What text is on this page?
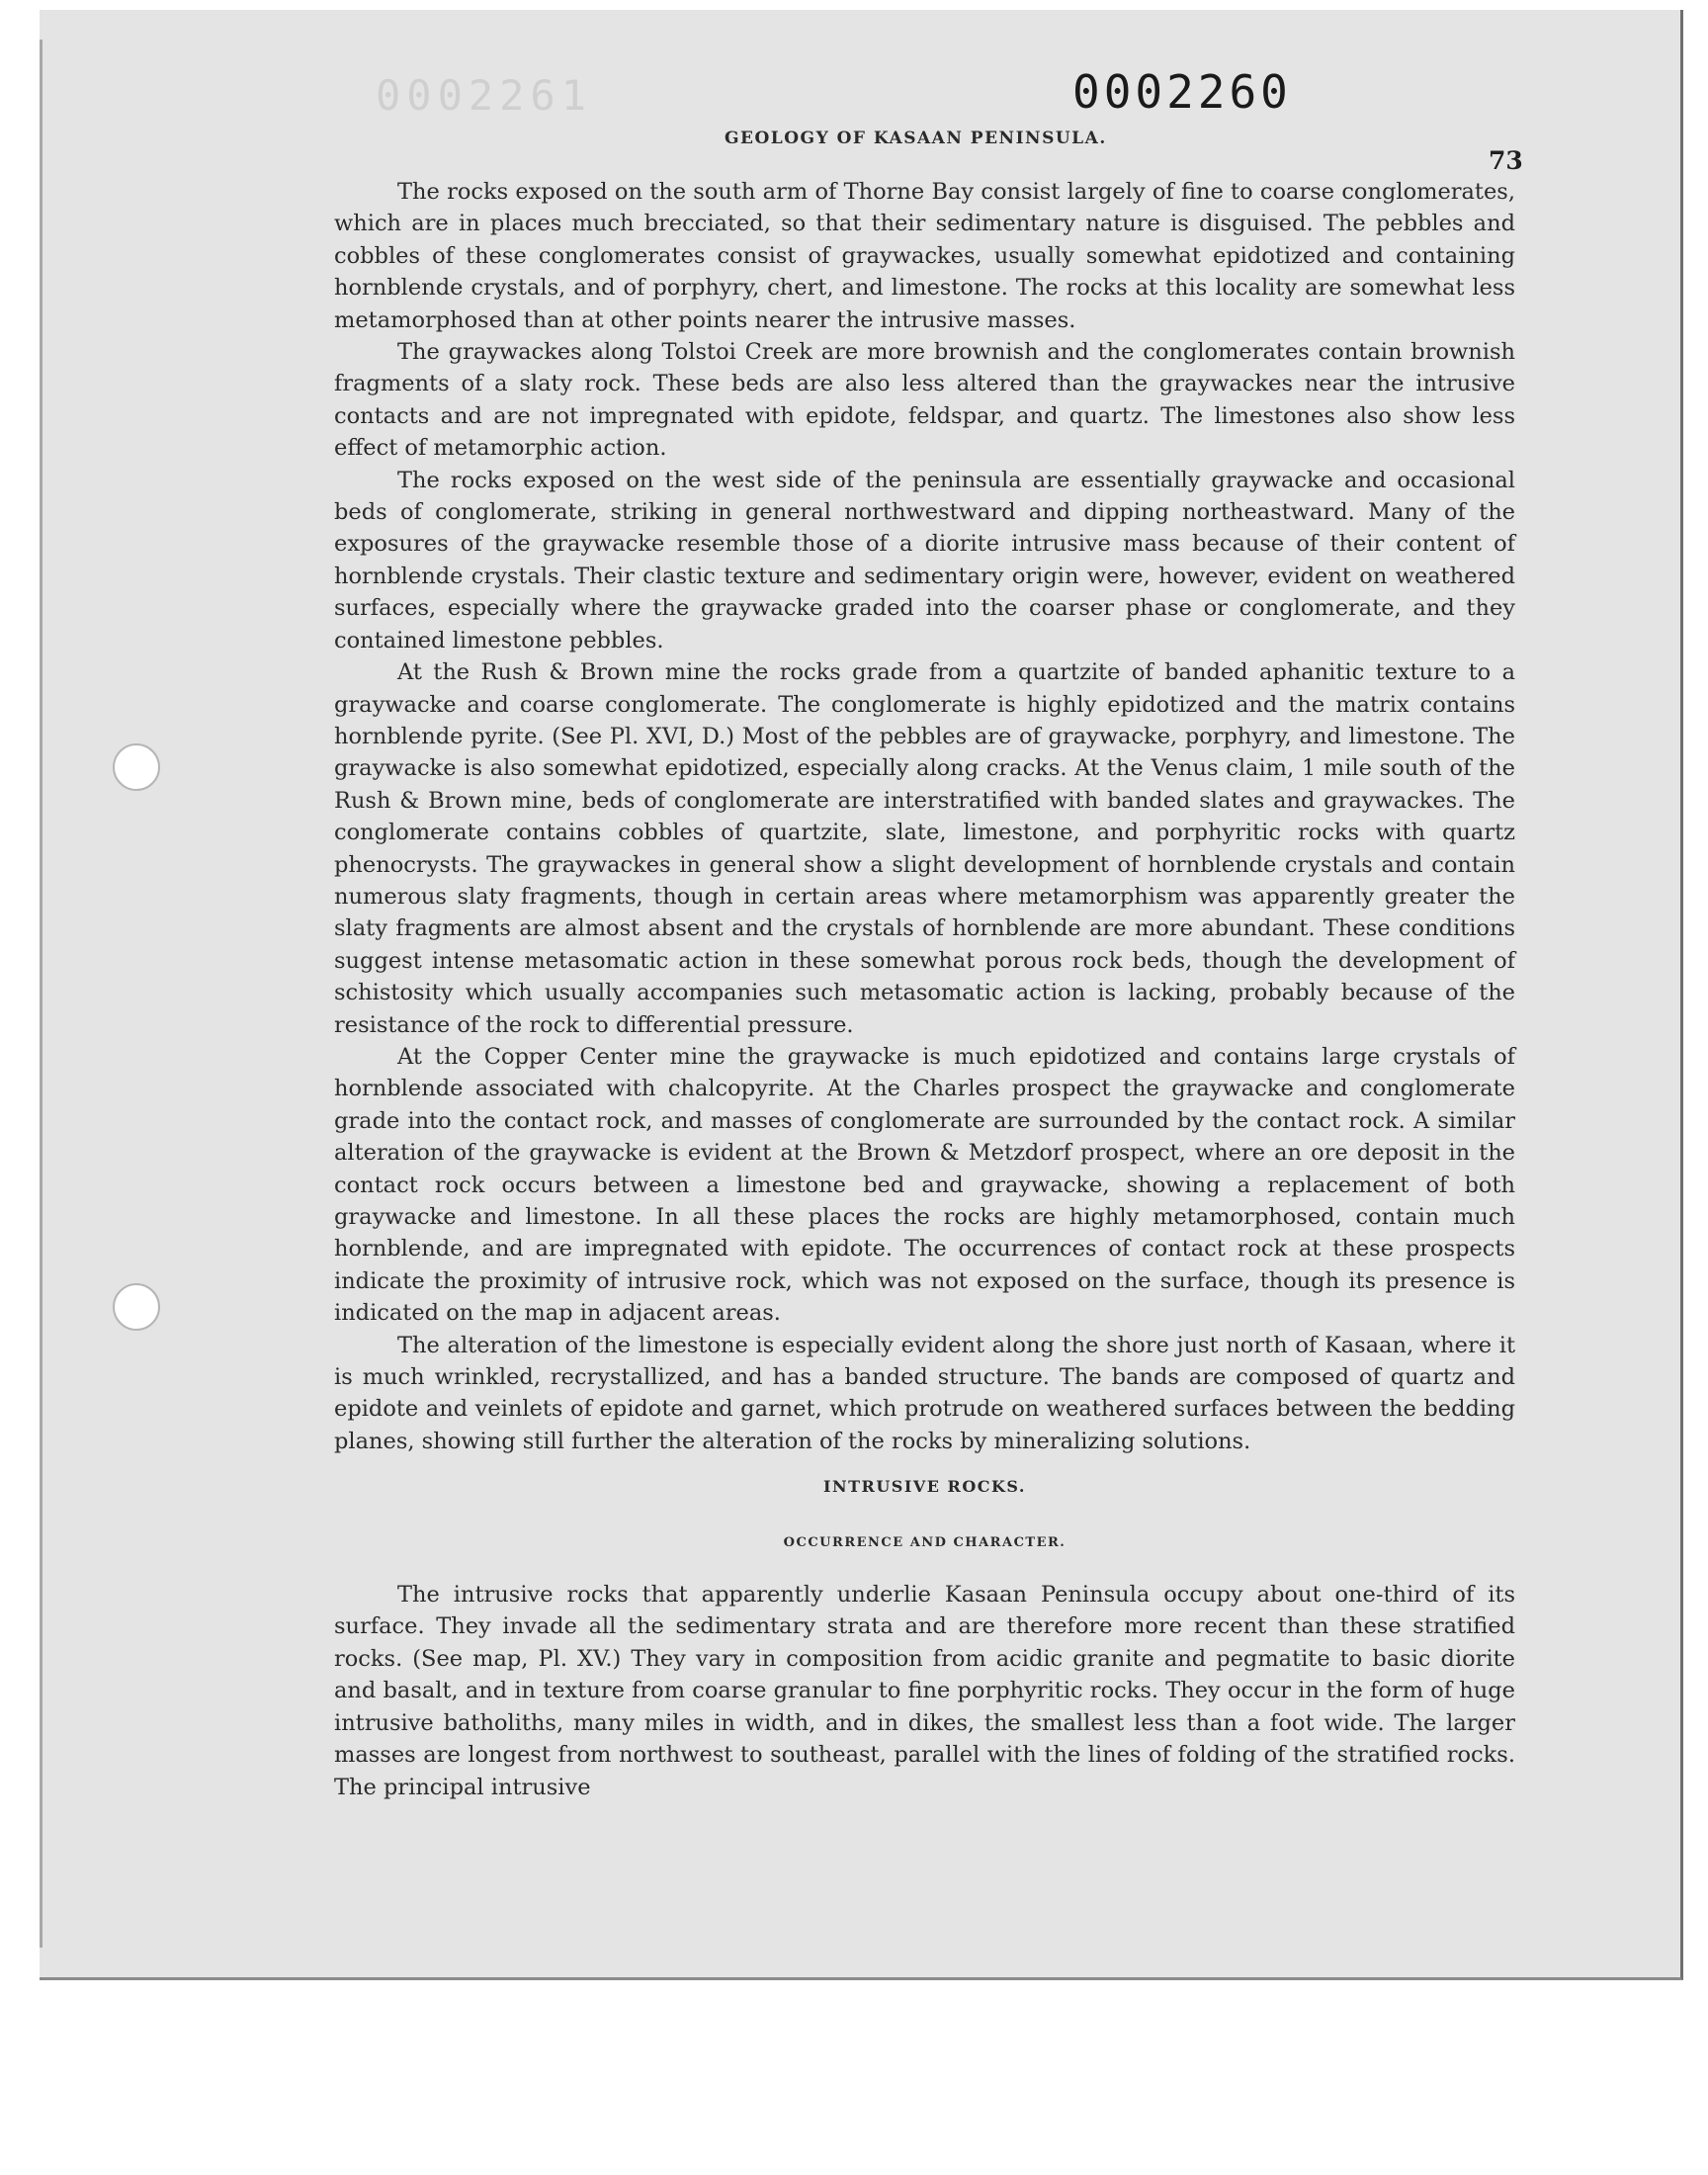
0002261	0002260
GEOLOGY OF KASAAN PENINSULA.
73

The rocks exposed on the south arm of Thorne Bay consist largely of fine to coarse conglomerates, which are in places much brecciated, so that their sedimentary nature is disguised. The pebbles and cobbles of these conglomerates consist of graywackes, usually somewhat epidotized and containing hornblende crystals, and of porphyry, chert, and limestone. The rocks at this locality are somewhat less metamorphosed than at other points nearer the intrusive masses.

The graywackes along Tolstoi Creek are more brownish and the conglomerates contain brownish fragments of a slaty rock. These beds are also less altered than the graywackes near the intrusive contacts and are not impregnated with epidote, feldspar, and quartz. The limestones also show less effect of metamorphic action.

The rocks exposed on the west side of the peninsula are essentially graywacke and occasional beds of conglomerate, striking in general northwestward and dipping northeastward. Many of the exposures of the graywacke resemble those of a diorite intrusive mass because of their content of hornblende crystals. Their clastic texture and sedimentary origin were, however, evident on weathered surfaces, especially where the graywacke graded into the coarser phase or conglomerate, and they contained limestone pebbles.

At the Rush & Brown mine the rocks grade from a quartzite of banded aphanitic texture to a graywacke and coarse conglomerate. The conglomerate is highly epidotized and the matrix contains hornblende pyrite. (See Pl. XVI, D.) Most of the pebbles are of graywacke, porphyry, and limestone. The graywacke is also somewhat epidotized, especially along cracks. At the Venus claim, 1 mile south of the Rush & Brown mine, beds of conglomerate are interstratified with banded slates and graywackes. The conglomerate contains cobbles of quartzite, slate, limestone, and porphyritic rocks with quartz phenocrysts. The graywackes in general show a slight development of hornblende crystals and contain numerous slaty fragments, though in certain areas where metamorphism was apparently greater the slaty fragments are almost absent and the crystals of hornblende are more abundant. These conditions suggest intense metasomatic action in these somewhat porous rock beds, though the development of schistosity which usually accompanies such metasomatic action is lacking, probably because of the resistance of the rock to differential pressure.

At the Copper Center mine the graywacke is much epidotized and contains large crystals of hornblende associated with chalcopyrite. At the Charles prospect the graywacke and conglomerate grade into the contact rock, and masses of conglomerate are surrounded by the contact rock. A similar alteration of the graywacke is evident at the Brown & Metzdorf prospect, where an ore deposit in the contact rock occurs between a limestone bed and graywacke, showing a replacement of both graywacke and limestone. In all these places the rocks are highly metamorphosed, contain much hornblende, and are impregnated with epidote. The occurrences of contact rock at these prospects indicate the proximity of intrusive rock, which was not exposed on the surface, though its presence is indicated on the map in adjacent areas.

The alteration of the limestone is especially evident along the shore just north of Kasaan, where it is much wrinkled, recrystallized, and has a banded structure. The bands are composed of quartz and epidote and veinlets of epidote and garnet, which protrude on weathered surfaces between the bedding planes, showing still further the alteration of the rocks by mineralizing solutions.

INTRUSIVE ROCKS.
OCCURRENCE AND CHARACTER.

The intrusive rocks that apparently underlie Kasaan Peninsula occupy about one-third of its surface. They invade all the sedimentary strata and are therefore more recent than these stratified rocks. (See map, Pl. XV.) They vary in composition from acidic granite and pegmatite to basic diorite and basalt, and in texture from coarse granular to fine porphyritic rocks. They occur in the form of huge intrusive batholiths, many miles in width, and in dikes, the smallest less than a foot wide. The larger masses are longest from northwest to southeast, parallel with the lines of folding of the stratified rocks. The principal intrusive
